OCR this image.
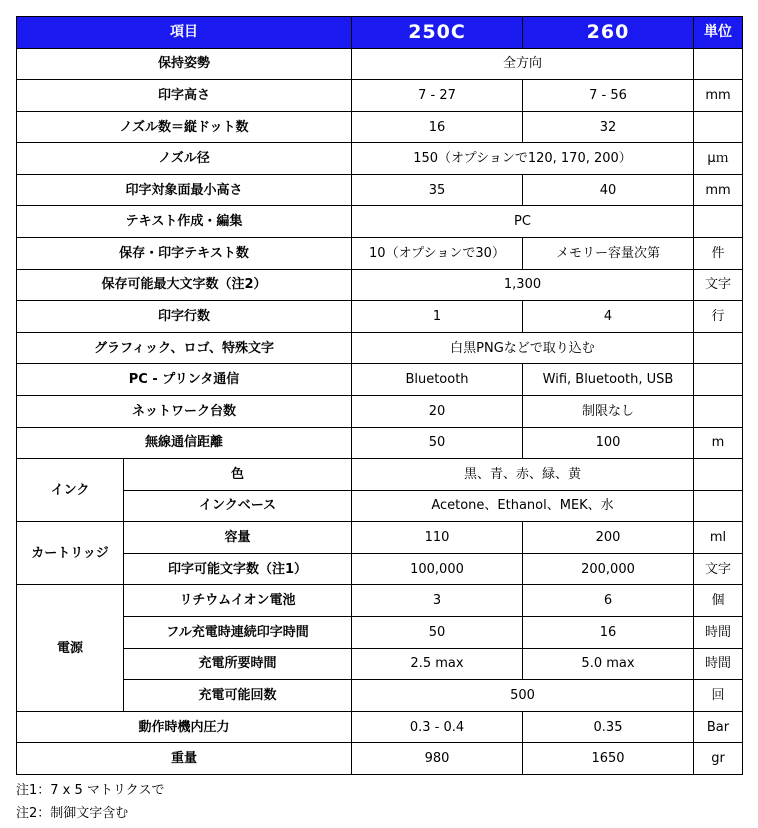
項目		250C	260	単位
保持姿勢		全方向		
印字高さ		7 - 27	7 - 56	mm
ノズル数＝縦ドット数		16	32	
ノズル径		150（オプションで120, 170, 200）		μｍ
印字対象面最小高さ		35	40	mm
テキスト作成・編集		PC		
保存・印字テキスト数		10（オプションで30）	メモリー容量次第	件
保存可能最大文字数（注2）		1,300		文字
印字行数		1	4	行
グラフィック、ロゴ、特殊文字		白黒PNGなどで取り込む		
PC - プリンタ通信		Bluetooth	Wifi, Bluetooth, USB	
ネットワーク台数		20	制限なし	
無線通信距離		50	100	m
インク	色	黒、青、赤、緑、黄		
	インクベース	Acetone、Ethanol、MEK、水		
カートリッジ	容量	110	200	ml
	印字可能文字数（注1）	100,000	200,000	文字
電源	リチウムイオン電池	3	6	個
	フル充電時連続印字時間	50	16	時間
	充電所要時間	2.5 max	5.0 max	時間
	充電可能回数	500		回
動作時機内圧力		0.3 - 0.4	0.35	Bar
重量		980	1650	gr
注1：7 x 5 マトリクスで
注2：制御文字含む
